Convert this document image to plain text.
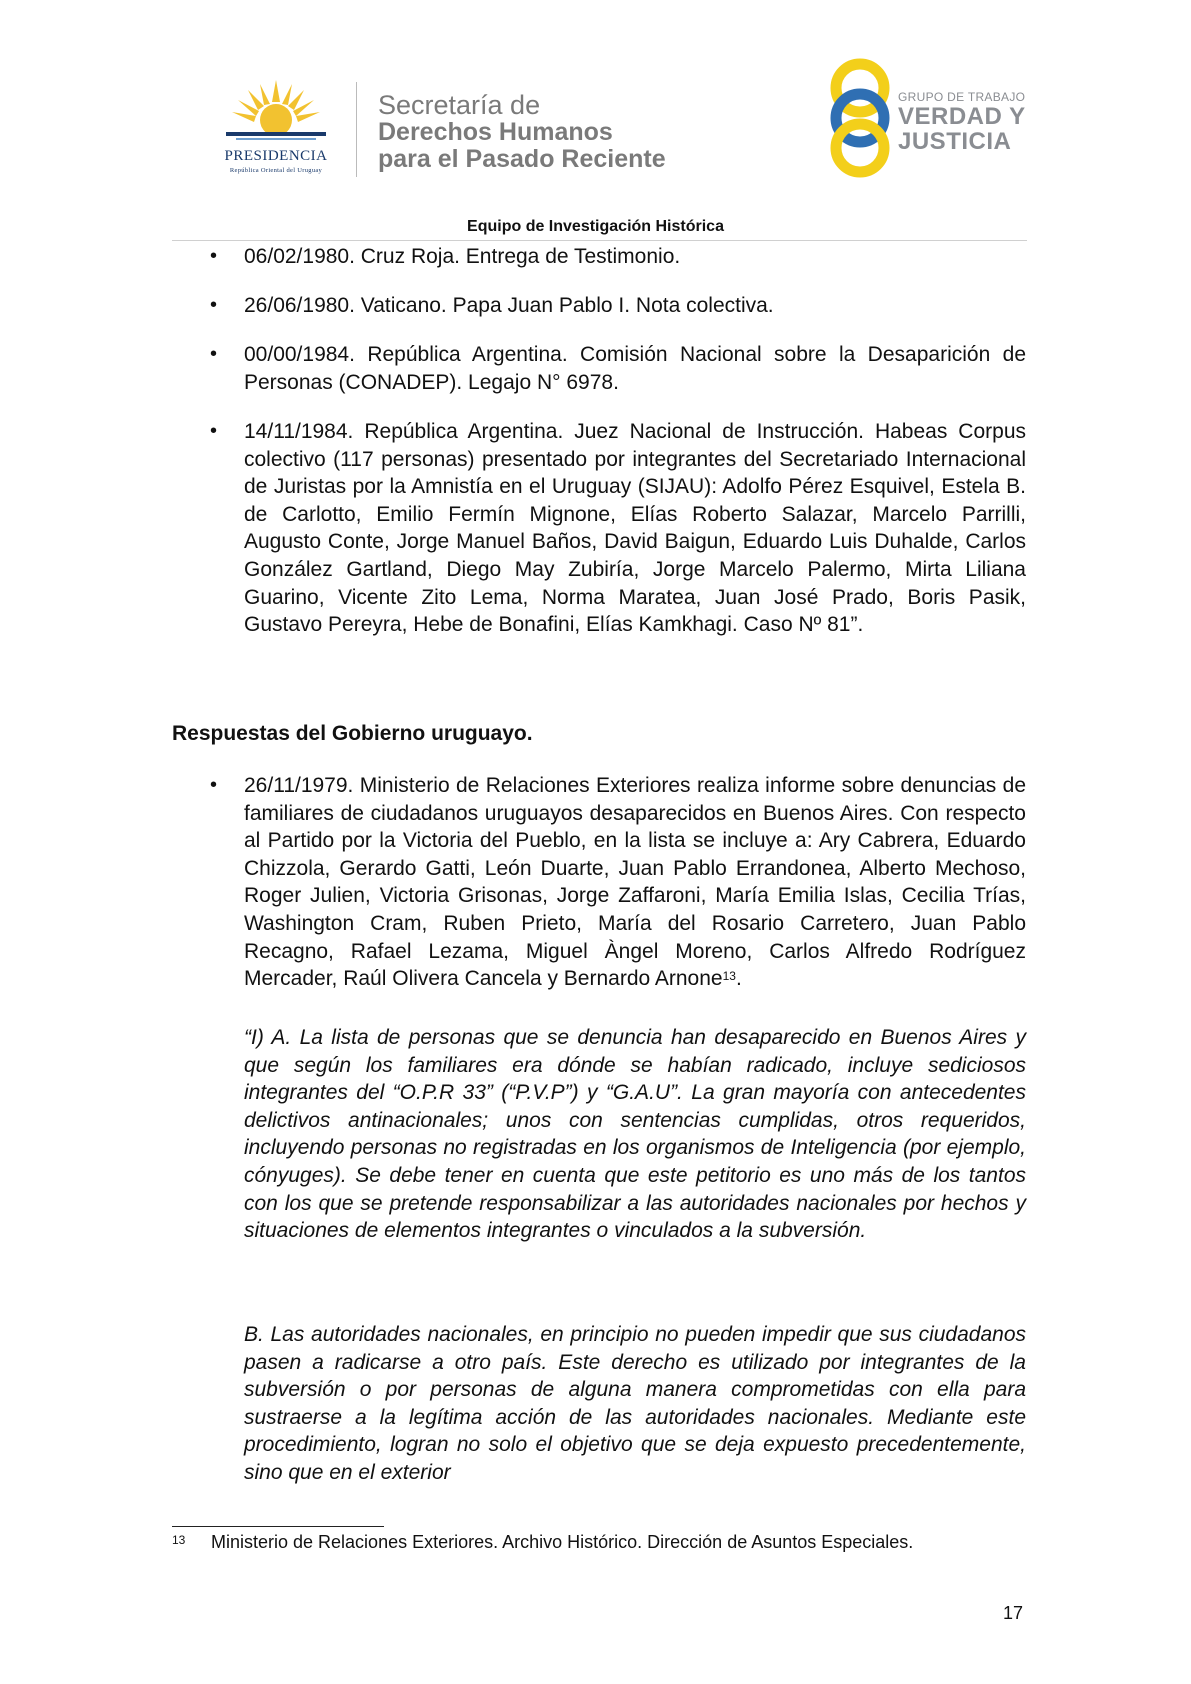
PRESIDENCIA
República Oriental del Uruguay
Secretaría de
Derechos Humanos
para el Pasado Reciente
GRUPO DE TRABAJO
VERDAD Y
JUSTICIA
Equipo de Investigación Histórica
• 06/02/1980. Cruz Roja. Entrega de Testimonio.
• 26/06/1980. Vaticano. Papa Juan Pablo I. Nota colectiva.
• 00/00/1984. República Argentina. Comisión Nacional sobre la Desaparición de Personas (CONADEP). Legajo N° 6978.
• 14/11/1984. República Argentina. Juez Nacional de Instrucción. Habeas Corpus colectivo (117 personas) presentado por integrantes del Secretariado Internacional de Juristas por la Amnistía en el Uruguay (SIJAU): Adolfo Pérez Esquivel, Estela B. de Carlotto, Emilio Fermín Mignone, Elías Roberto Salazar, Marcelo Parrilli, Augusto Conte, Jorge Manuel Baños, David Baigun, Eduardo Luis Duhalde, Carlos González Gartland, Diego May Zubiría, Jorge Marcelo Palermo, Mirta Liliana Guarino, Vicente Zito Lema, Norma Maratea, Juan José Prado, Boris Pasik, Gustavo Pereyra, Hebe de Bonafini, Elías Kamkhagi. Caso Nº 81”.
Respuestas del Gobierno uruguayo.
• 26/11/1979. Ministerio de Relaciones Exteriores realiza informe sobre denuncias de familiares de ciudadanos uruguayos desaparecidos en Buenos Aires. Con respecto al Partido por la Victoria del Pueblo, en la lista se incluye a: Ary Cabrera, Eduardo Chizzola, Gerardo Gatti, León Duarte, Juan Pablo Errandonea, Alberto Mechoso, Roger Julien, Victoria Grisonas, Jorge Zaffaroni, María Emilia Islas, Cecilia Trías, Washington Cram, Ruben Prieto, María del Rosario Carretero, Juan Pablo Recagno, Rafael Lezama, Miguel Àngel Moreno, Carlos Alfredo Rodríguez Mercader, Raúl Olivera Cancela y Bernardo Arnone$^{13}$.
“I) A. La lista de personas que se denuncia han desaparecido en Buenos Aires y que según los familiares era dónde se habían radicado, incluye sediciosos integrantes del “O.P.R 33” (“P.V.P”) y “G.A.U”. La gran mayoría con antecedentes delictivos antinacionales; unos con sentencias cumplidas, otros requeridos, incluyendo personas no registradas en los organismos de Inteligencia (por ejemplo, cónyuges). Se debe tener en cuenta que este petitorio es uno más de los tantos con los que se pretende responsabilizar a las autoridades nacionales por hechos y situaciones de elementos integrantes o vinculados a la subversión.
B. Las autoridades nacionales, en principio no pueden impedir que sus ciudadanos pasen a radicarse a otro país. Este derecho es utilizado por integrantes de la subversión o por personas de alguna manera comprometidas con ella para sustraerse a la legítima acción de las autoridades nacionales. Mediante este procedimiento, logran no solo el objetivo que se deja expuesto precedentemente, sino que en el exterior
13 Ministerio de Relaciones Exteriores. Archivo Histórico. Dirección de Asuntos Especiales.
17
